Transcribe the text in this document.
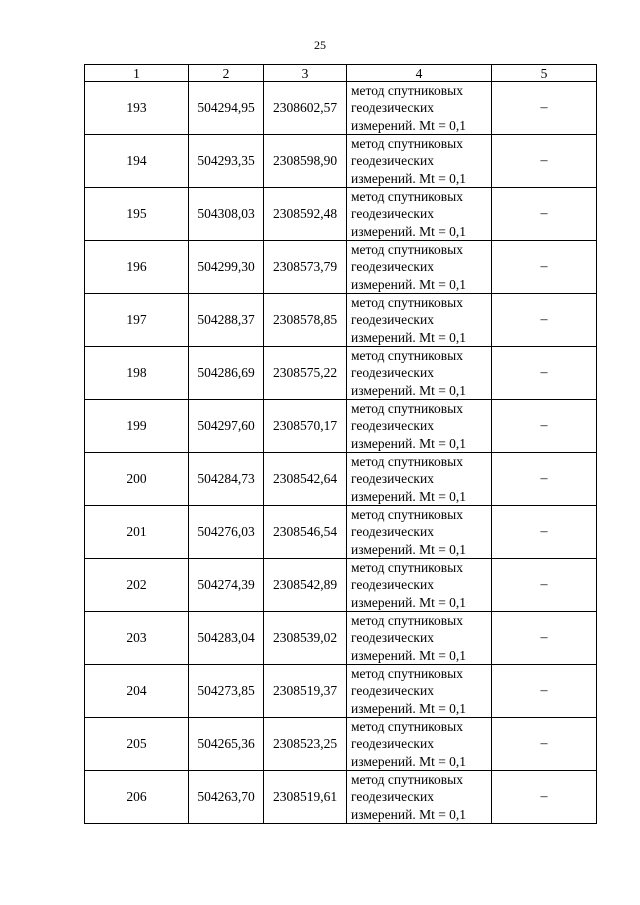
25
1	2	3	4	5
193	504294,95	2308602,57	метод спутниковых
геодезических
измерений. Mt = 0,1	–
194	504293,35	2308598,90	метод спутниковых
геодезических
измерений. Mt = 0,1	–
195	504308,03	2308592,48	метод спутниковых
геодезических
измерений. Mt = 0,1	–
196	504299,30	2308573,79	метод спутниковых
геодезических
измерений. Mt = 0,1	–
197	504288,37	2308578,85	метод спутниковых
геодезических
измерений. Mt = 0,1	–
198	504286,69	2308575,22	метод спутниковых
геодезических
измерений. Mt = 0,1	–
199	504297,60	2308570,17	метод спутниковых
геодезических
измерений. Mt = 0,1	–
200	504284,73	2308542,64	метод спутниковых
геодезических
измерений. Mt = 0,1	–
201	504276,03	2308546,54	метод спутниковых
геодезических
измерений. Mt = 0,1	–
202	504274,39	2308542,89	метод спутниковых
геодезических
измерений. Mt = 0,1	–
203	504283,04	2308539,02	метод спутниковых
геодезических
измерений. Mt = 0,1	–
204	504273,85	2308519,37	метод спутниковых
геодезических
измерений. Mt = 0,1	–
205	504265,36	2308523,25	метод спутниковых
геодезических
измерений. Mt = 0,1	–
206	504263,70	2308519,61	метод спутниковых
геодезических
измерений. Mt = 0,1	–
